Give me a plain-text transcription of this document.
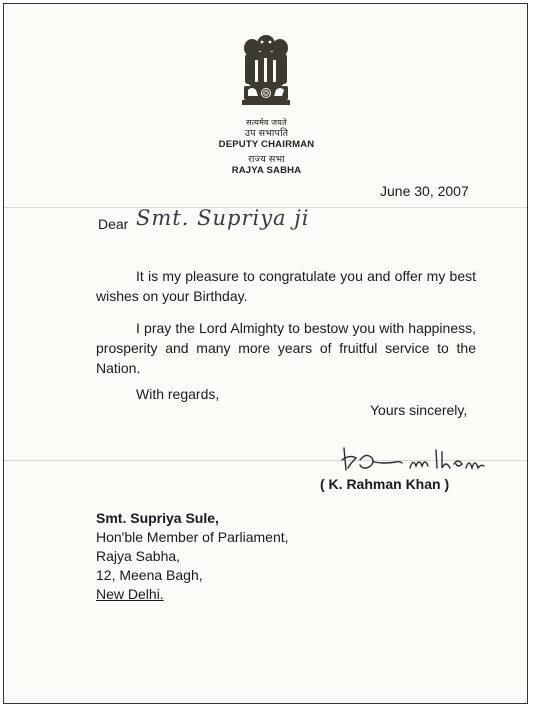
सत्यमेव जयते
उप सभापति
DEPUTY CHAIRMAN
राज्य सभा
RAJYA SABHA
June 30, 2007
Dear Smt. Supriya ji

It is my pleasure to congratulate you and offer my best wishes on your Birthday.

I pray the Lord Almighty to bestow you with happiness, prosperity and many more years of fruitful service to the Nation.

With regards,
Yours sincerely,
( K. Rahman Khan )
Smt. Supriya Sule,
Hon'ble Member of Parliament,
Rajya Sabha,
12, Meena Bagh,
New Delhi.
